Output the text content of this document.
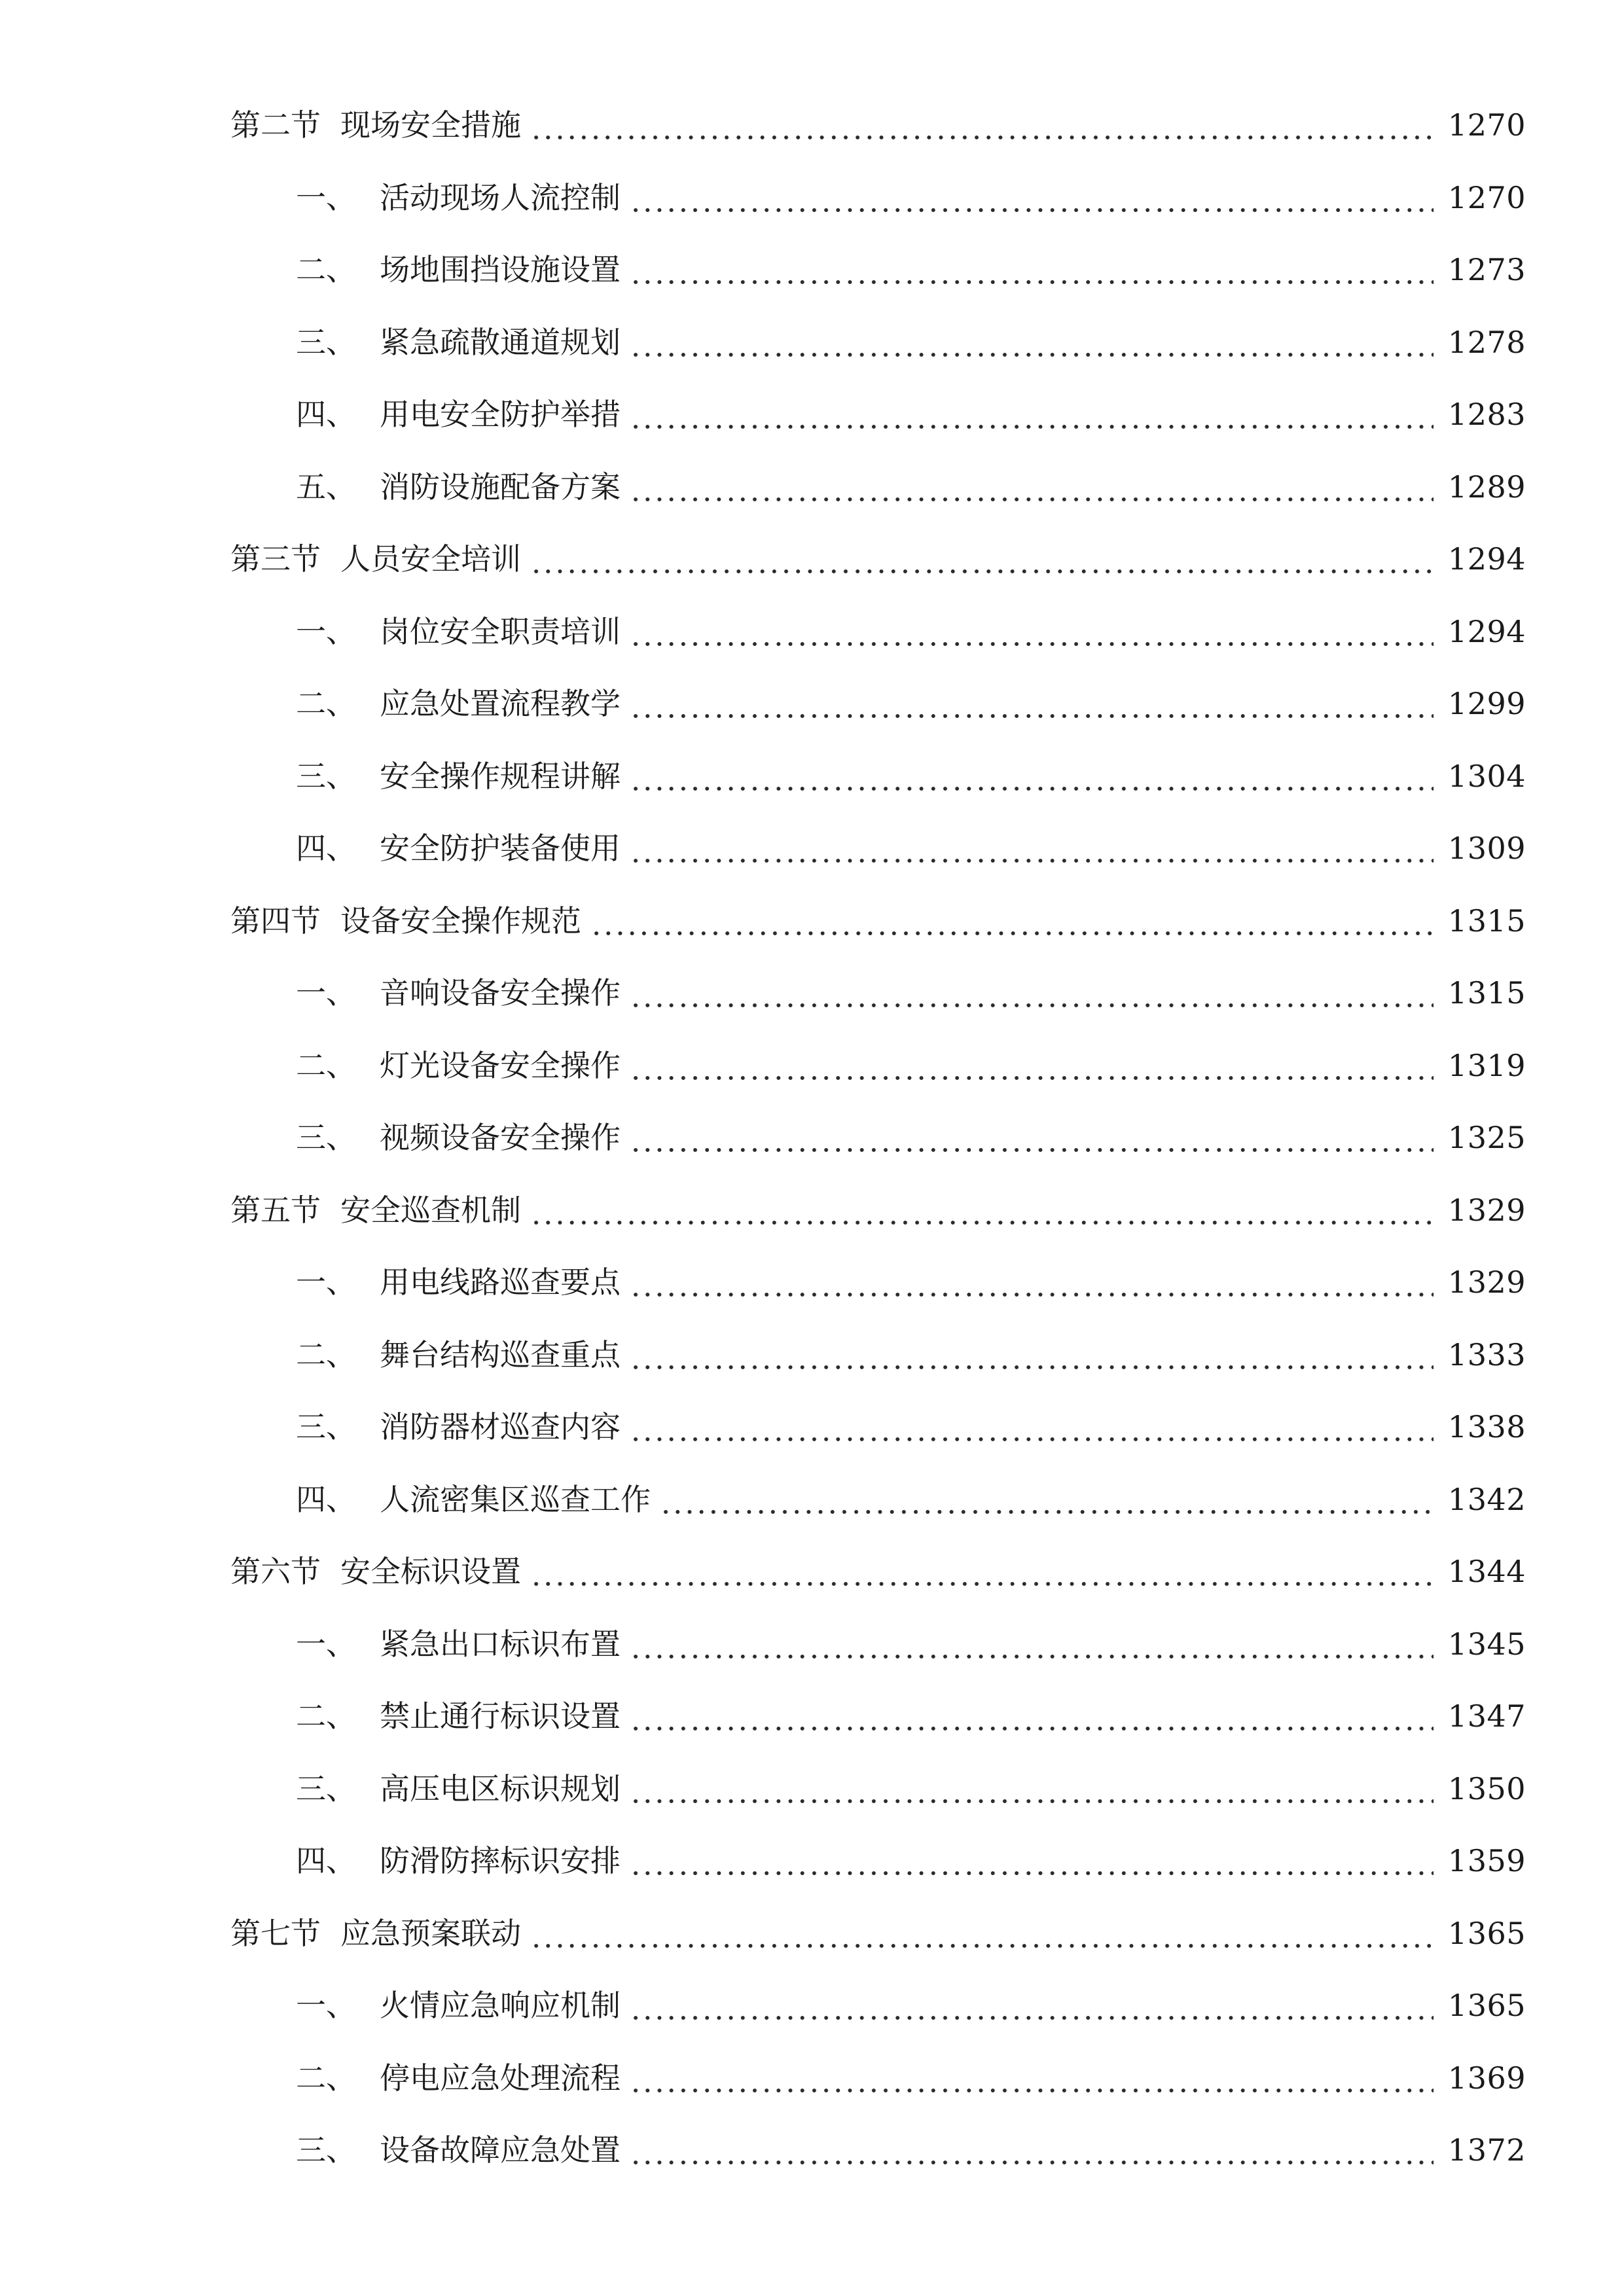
第二节 现场安全措施	1270
一、 活动现场人流控制	1270
二、 场地围挡设施设置	1273
三、 紧急疏散通道规划	1278
四、 用电安全防护举措	1283
五、 消防设施配备方案	1289
第三节 人员安全培训	1294
一、 岗位安全职责培训	1294
二、 应急处置流程教学	1299
三、 安全操作规程讲解	1304
四、 安全防护装备使用	1309
第四节 设备安全操作规范	1315
一、 音响设备安全操作	1315
二、 灯光设备安全操作	1319
三、 视频设备安全操作	1325
第五节 安全巡查机制	1329
一、 用电线路巡查要点	1329
二、 舞台结构巡查重点	1333
三、 消防器材巡查内容	1338
四、 人流密集区巡查工作	1342
第六节 安全标识设置	1344
一、 紧急出口标识布置	1345
二、 禁止通行标识设置	1347
三、 高压电区标识规划	1350
四、 防滑防摔标识安排	1359
第七节 应急预案联动	1365
一、 火情应急响应机制	1365
二、 停电应急处理流程	1369
三、 设备故障应急处置	1372
